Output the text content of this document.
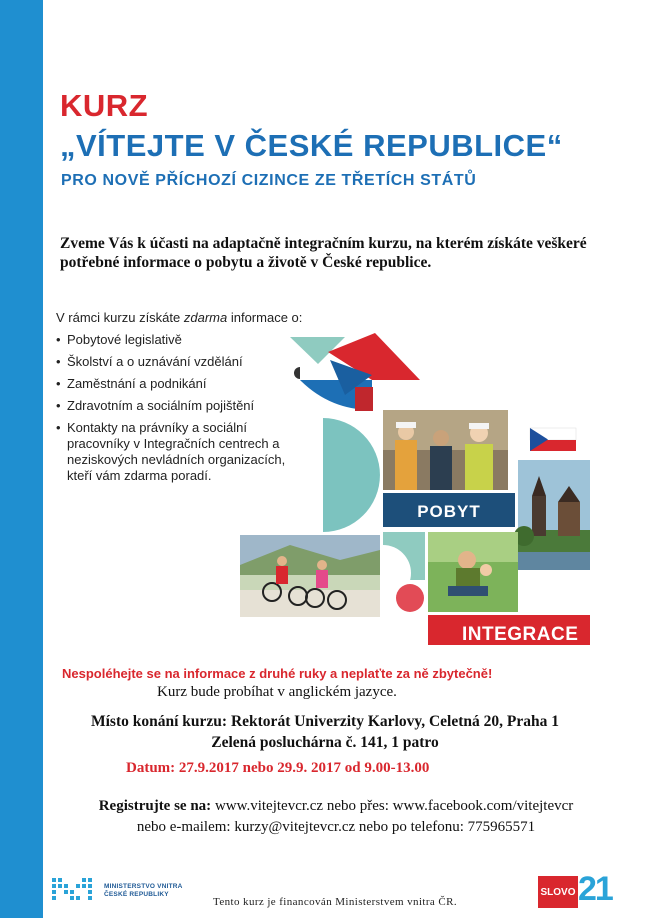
KURZ
„VÍTEJTE V ČESKÉ REPUBLICE“
PRO NOVĚ PŘÍCHOZÍ CIZINCE ZE TŘETÍCH STÁTŮ

Zveme Vás k účasti na adaptačně integračním kurzu, na kterém získáte veškeré

potřebné informace o pobytu a životě v České republice.

V rámci kurzu získáte zdarma informace o:
• Pobytové legislativě
• Školství a o uznávání vzdělání
• Zaměstnání a podnikání
• Zdravotním a sociálním pojištění
• Kontakty na právníky a sociální pracovníky v Integračních centrech a neziskových nevládních organizacích, kteří vám zdarma poradí.
POBYT
INTEGRACE
Nespoléhejte se na informace z druhé ruky a neplaťte za ně zbytečně!
Kurz bude probíhat v anglickém jazyce.
Místo konání kurzu: Rektorát Univerzity Karlovy, Celetná 20, Praha 1
Zelená posluchárna č. 141, 1 patro
Datum: 27.9.2017 nebo 29.9. 2017 od 9.00-13.00
Registrujte se na: www.vitejtevcr.cz nebo přes: www.facebook.com/vitejtevcr
nebo e-mailem: kurzy@vitejtevcr.cz nebo po telefonu: 775965571
MINISTERSTVO VNITRA
ČESKÉ REPUBLIKY
Tento kurz je financován Ministerstvem vnitra ČR.
SLOVO 21
